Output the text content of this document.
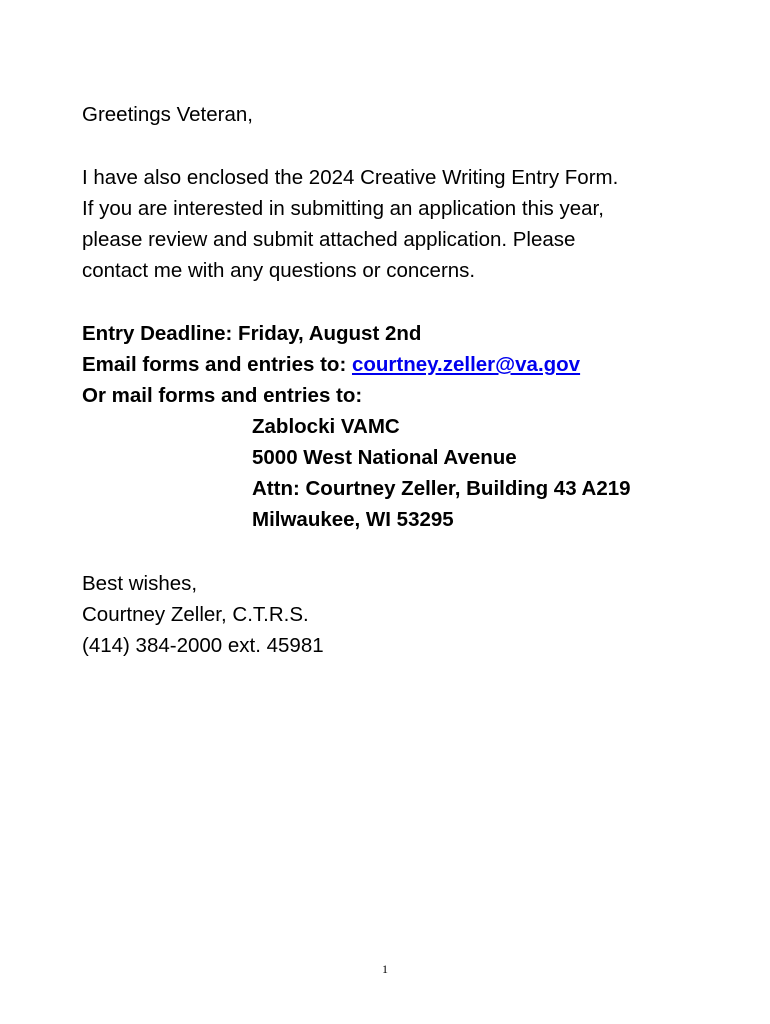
Greetings Veteran,
I have also enclosed the 2024 Creative Writing Entry Form.
If you are interested in submitting an application this year,
please review and submit attached application. Please
contact me with any questions or concerns.
Entry Deadline: Friday, August 2nd
Email forms and entries to: courtney.zeller@va.gov
Or mail forms and entries to:
Zablocki VAMC
5000 West National Avenue
Attn: Courtney Zeller, Building 43 A219
Milwaukee, WI 53295
Best wishes,
Courtney Zeller, C.T.R.S.
(414) 384-2000 ext. 45981
1
